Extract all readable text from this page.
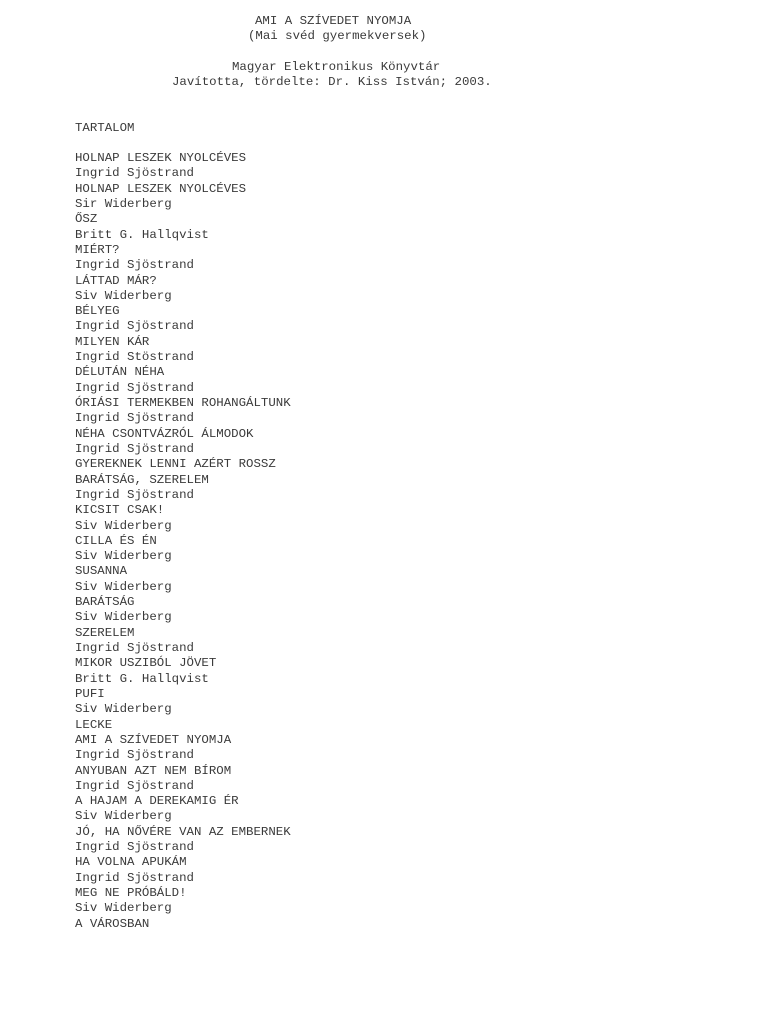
AMI A SZÍVEDET NYOMJA
(Mai svéd gyermekversek)
Magyar Elektronikus Könyvtár
Javította, tördelte: Dr. Kiss István; 2003.
TARTALOM
HOLNAP LESZEK NYOLCÉVES
Ingrid Sjöstrand
HOLNAP LESZEK NYOLCÉVES
Sir Widerberg
ŐSZ
Britt G. Hallqvist
MIÉRT?
Ingrid Sjöstrand
LÁTTAD MÁR?
Siv Widerberg
BÉLYEG
Ingrid Sjöstrand
MILYEN KÁR
Ingrid Stöstrand
DÉLUTÁN NÉHA
Ingrid Sjöstrand
ÓRIÁSI TERMEKBEN ROHANGÁLTUNK
Ingrid Sjöstrand
NÉHA CSONTVÁZRÓL ÁLMODOK
Ingrid Sjöstrand
GYEREKNEK LENNI AZÉRT ROSSZ
BARÁTSÁG, SZERELEM
Ingrid Sjöstrand
KICSIT CSAK!
Siv Widerberg
CILLA ÉS ÉN
Siv Widerberg
SUSANNA
Siv Widerberg
BARÁTSÁG
Siv Widerberg
SZERELEM
Ingrid Sjöstrand
MIKOR USZIBÓL JÖVET
Britt G. Hallqvist
PUFI
Siv Widerberg
LECKE
AMI A SZÍVEDET NYOMJA
Ingrid Sjöstrand
ANYUBAN AZT NEM BÍROM
Ingrid Sjöstrand
A HAJAM A DEREKAMIG ÉR
Siv Widerberg
JÓ, HA NŐVÉRE VAN AZ EMBERNEK
Ingrid Sjöstrand
HA VOLNA APUKÁM
Ingrid Sjöstrand
MEG NE PRÓBÁLD!
Siv Widerberg
A VÁROSBAN
